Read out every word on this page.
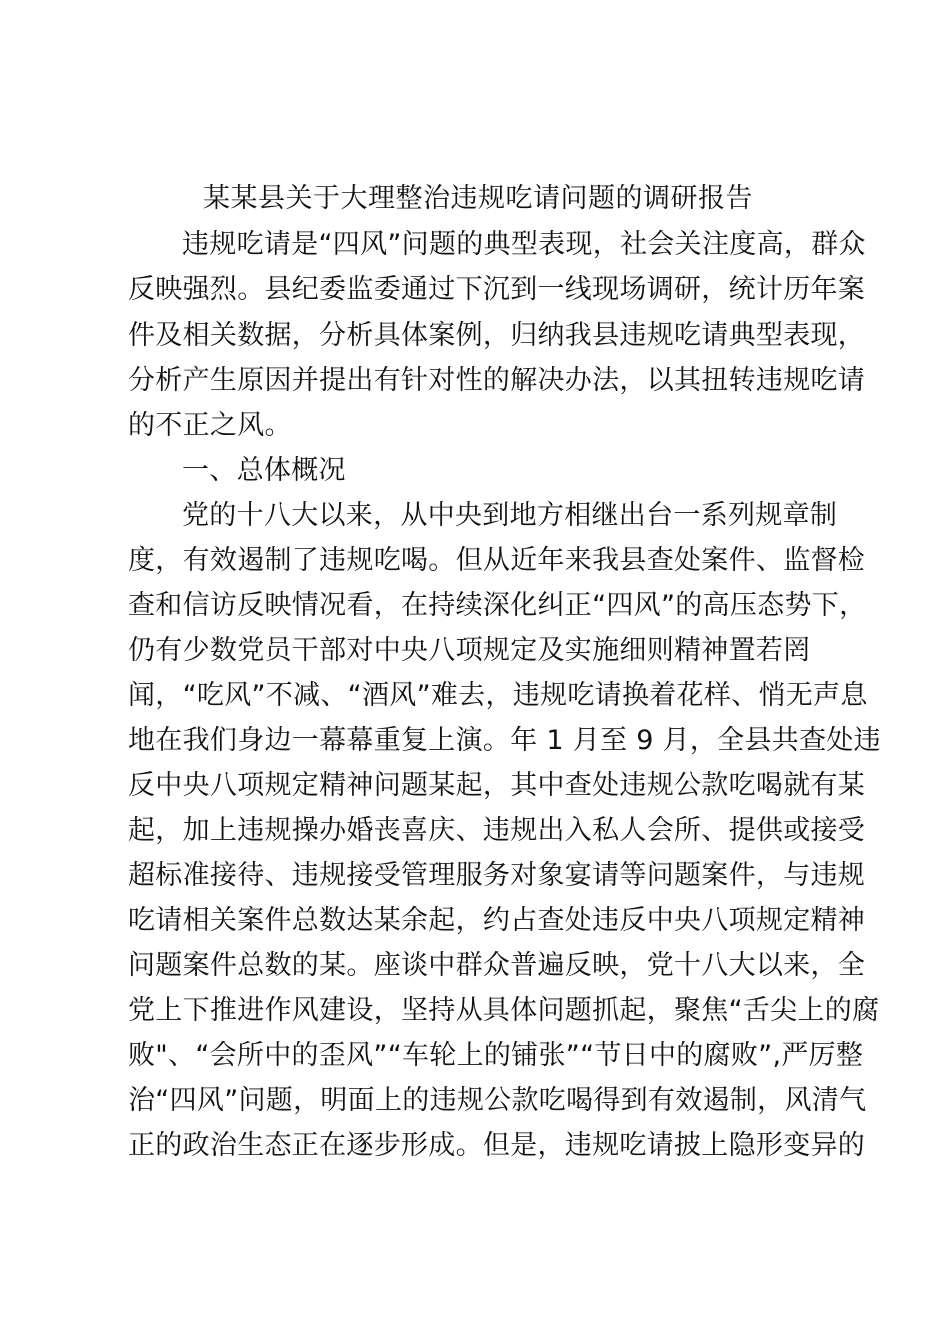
某某县关于大理整治违规吃请问题的调研报告
违规吃请是“四风”问题的典型表现，社会关注度高，群众
反映强烈。县纪委监委通过下沉到一线现场调研，统计历年案
件及相关数据，分析具体案例，归纳我县违规吃请典型表现，
分析产生原因并提出有针对性的解决办法，以其扭转违规吃请
的不正之风。
一、总体概况
党的十八大以来，从中央到地方相继出台一系列规章制
度，有效遏制了违规吃喝。但从近年来我县查处案件、监督检
查和信访反映情况看，在持续深化纠正“四风”的高压态势下，
仍有少数党员干部对中央八项规定及实施细则精神置若罔
闻，“吃风”不减、“酒风”难去，违规吃请换着花样、悄无声息
地在我们身边一幕幕重复上演。年 1 月至 9 月，全县共查处违
反中央八项规定精神问题某起，其中查处违规公款吃喝就有某
起，加上违规操办婚丧喜庆、违规出入私人会所、提供或接受
超标准接待、违规接受管理服务对象宴请等问题案件，与违规
吃请相关案件总数达某余起，约占查处违反中央八项规定精神
问题案件总数的某。座谈中群众普遍反映，党十八大以来，全
党上下推进作风建设，坚持从具体问题抓起，聚焦“舌尖上的腐
败"、“会所中的歪风”“车轮上的铺张”“节日中的腐败”,严厉整
治“四风”问题，明面上的违规公款吃喝得到有效遏制，风清气
正的政治生态正在逐步形成。但是，违规吃请披上隐形变异的
